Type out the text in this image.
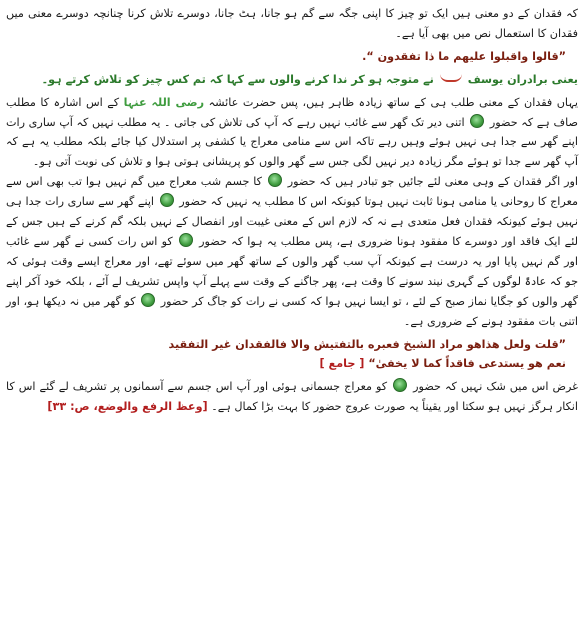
کہ فقدان کے دو معنی ہیں ایک تو چیز کا اپنی جگہ سے گم ہو جانا، ہٹ جانا، دوسرے تلاش کرنا چنانچہ دوسرے معنی میں فقدان کا استعمال نص میں بھی آیا ہے۔

”قالوا واقبلوا علیهم ما ذا تفقدون “.

یعنی برادران یوسف  نے متوجہ ہو کر ندا کرنے والوں سے کہا کہ تم کس چیز کو تلاش کرتے ہو۔

یہاں فقدان کے معنی طلب ہی کے ساتھ زیادہ ظاہر ہیں، پس حضرت عائشہ رضی اللہ عنہا کے اس اشارہ کا مطلب صاف ہے کہ حضور  اتنی دیر تک گھر سے غائب نہیں رہے کہ آپ کی تلاش کی جاتی ۔ یہ مطلب نہیں کہ آپ ساری رات اپنے گھر سے جدا ہی نہیں ہوئے وہیں رہے تاکہ اس سے منامی معراج یا کشفی پر استدلال کیا جائے بلکہ مطلب یہ ہے کہ آپ گھر سے جدا تو ہوئے مگر زیادہ دیر نہیں لگی جس سے گھر والوں کو پریشانی ہوتی ہوا و تلاش کی نوبت آتی ہو۔

اور اگر فقدان کے وہی معنی لئے جائیں جو تبادر ہیں کہ حضور  کا جسم شب معراج میں گم نہیں ہوا تب بھی اس سے معراج کا روحانی یا منامی ہونا ثابت نہیں ہوتا کیونکہ اس کا مطلب یہ نہیں کہ حضور  اپنے گھر سے ساری رات جدا ہی نہیں ہوئے کیونکہ فقدان فعل متعدی ہے نہ کہ لازم اس کے معنی غیبت اور انفصال کے نہیں بلکہ گم کرنے کے ہیں جس کے لئے ایک فاقد اور دوسرے کا مفقود ہونا ضروری ہے، پس مطلب یہ ہوا کہ حضور  کو اس رات کسی نے گھر سے غائب اور گم نہیں پایا اور یہ درست ہے کیونکہ آپ سب گھر والوں کے ساتھ گھر میں سوئے تھے، اور معراج ایسے وقت ہوئی کہ جو کہ عادۃً لوگوں کے گہری نیند سونے کا وقت ہے، پھر جاگنے کے وقت سے پہلے آپ واپس تشریف لے آئے ، بلکہ خود آکر اپنے گھر والوں کو جگایا نماز صبح کے لئے ، تو ایسا نہیں ہوا کہ کسی نے رات کو جاگ کر حضور  کو گھر میں نہ دیکھا ہو، اور اتنی بات مفقود ہونے کے ضروری ہے۔

”قلت ولعل هذاهو مراد الشيخ فعبره بالتفتيش والا فالفقدان غير التفقيد

نعم هو يستدعى فاقداً كما لا يخفىٰ“ [ جامع ]

غرض اس میں شک نہیں کہ حضور  کو معراج جسمانی ہوئی اور آپ اس جسم سے آسمانوں پر تشریف لے گئے اس کا انکار ہرگز نہیں ہو سکتا اور یقیناً یہ صورت عروج حضور کا بہت بڑا کمال ہے۔ [وعظ الرفع والوضع، ص: ۳۳]
